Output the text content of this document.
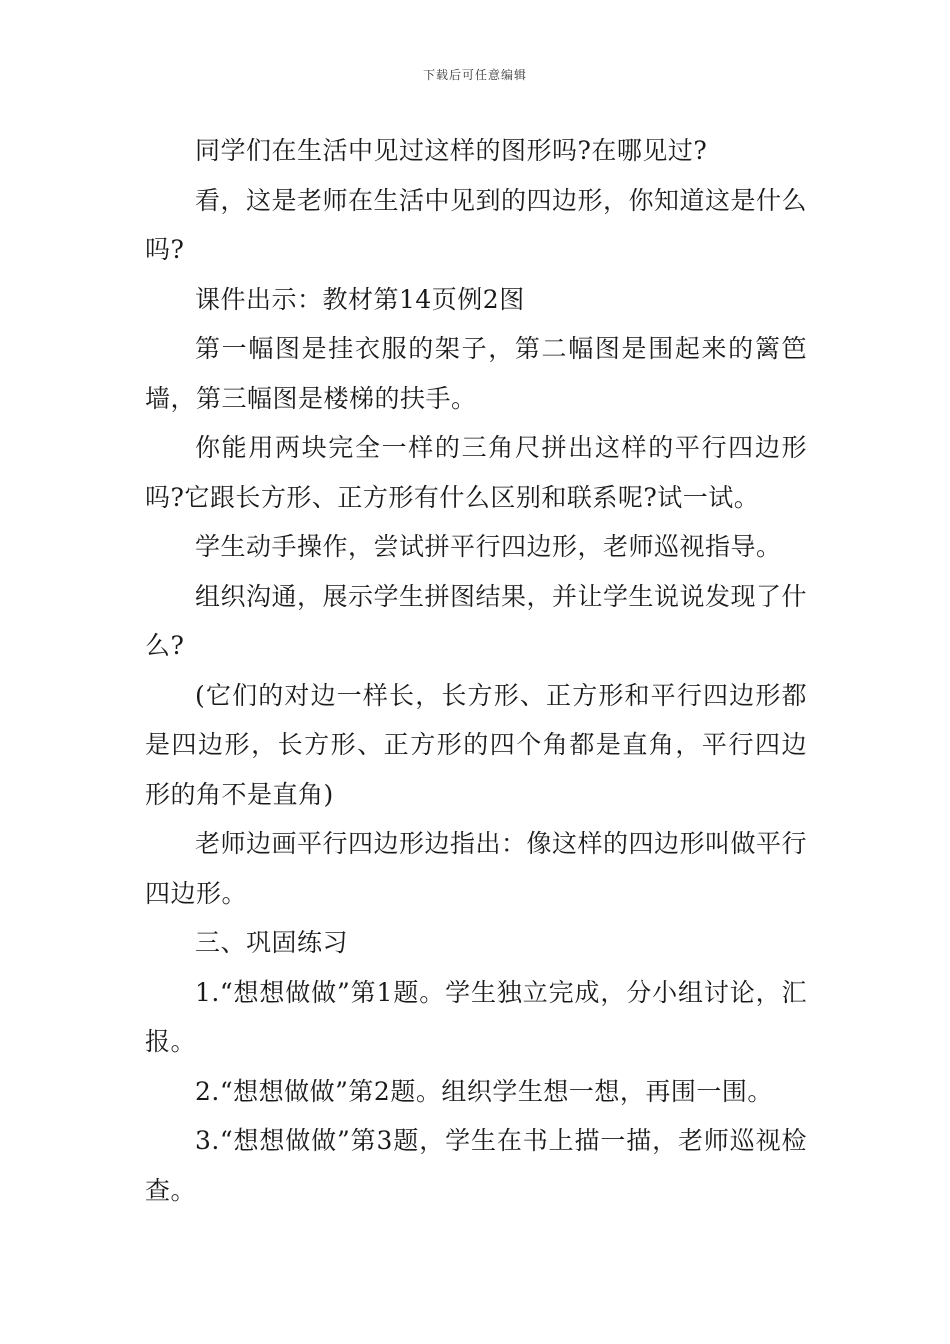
下载后可任意编辑

同学们在生活中见过这样的图形吗?在哪见过?

看，这是老师在生活中见到的四边形，你知道这是什么吗?

课件出示：教材第14页例2图

第一幅图是挂衣服的架子，第二幅图是围起来的篱笆墙，第三幅图是楼梯的扶手。

你能用两块完全一样的三角尺拼出这样的平行四边形吗?它跟长方形、正方形有什么区别和联系呢?试一试。

学生动手操作，尝试拼平行四边形，老师巡视指导。

组织沟通，展示学生拼图结果，并让学生说说发现了什么?

(它们的对边一样长，长方形、正方形和平行四边形都是四边形，长方形、正方形的四个角都是直角，平行四边形的角不是直角)

老师边画平行四边形边指出：像这样的四边形叫做平行四边形。

三、巩固练习

1.“想想做做”第1题。学生独立完成，分小组讨论，汇报。

2.“想想做做”第2题。组织学生想一想，再围一围。

3.“想想做做”第3题，学生在书上描一描，老师巡视检查。
